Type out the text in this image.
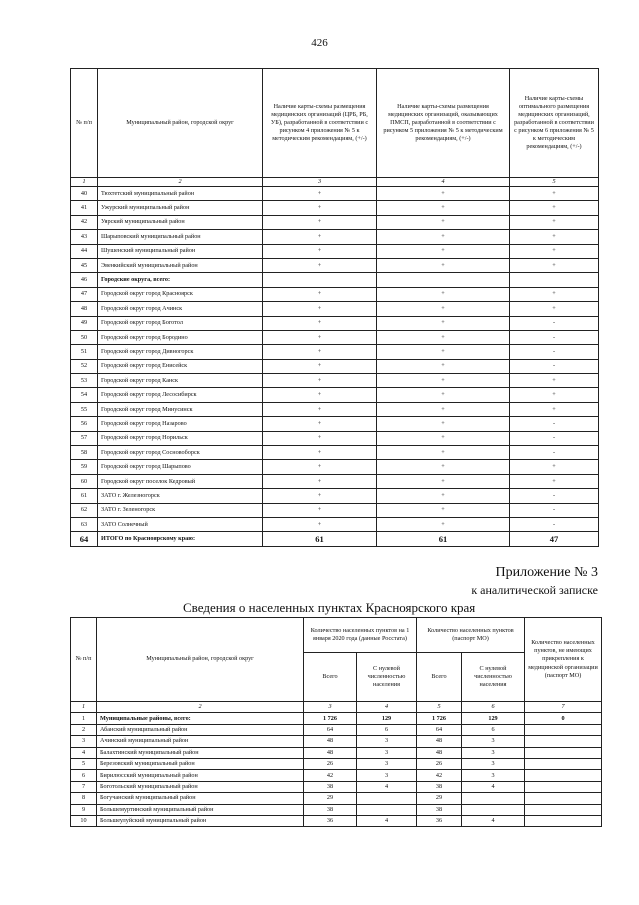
426
№ п/п	Муниципальный район, городской округ	Наличие карты-схемы размещения медицинских организаций (ЦРБ, РБ, УБ), разработанной в соответствии с рисунком 4 приложения № 5 к методическим рекомендациям, (+/-)	Наличие карты-схемы размещения медицинских организаций, оказывающих ПМСП, разработанной в соответствии с рисунком 5 приложения № 5 к методическим рекомендациям, (+/-)	Наличие карты-схемы оптимального размещения медицинских организаций, разработанной в соответствии с рисунком 6 приложения № 5 к методическим рекомендациям, (+/-)
1	2	3	4	5
40	Тюхтетский муниципальный район	+	+	+
41	Ужурский муниципальный район	+	+	+
42	Уярский муниципальный район	+	+	+
43	Шарыповский муниципальный район	+	+	+
44	Шушенский муниципальный район	+	+	+
45	Эвенкийский муниципальный район	+	+	+
46	Городские округа, всего:			
47	Городской округ город Красноярск	+	+	+
48	Городской округ город Ачинск	+	+	+
49	Городской округ город Боготол	+	+	-
50	Городской округ город Бородино	+	+	-
51	Городской округ город Дивногорск	+	+	-
52	Городской округ город Енисейск	+	+	-
53	Городской округ город Канск	+	+	+
54	Городской округ город Лесосибирск	+	+	+
55	Городской округ город Минусинск	+	+	+
56	Городской округ город Назарово	+	+	-
57	Городской округ город Норильск	+	+	-
58	Городской округ город Сосновоборск	+	+	-
59	Городской округ город Шарыпово	+	+	+
60	Городской округ поселок Кедровый	+	+	+
61	ЗАТО г. Железногорск	+	+	-
62	ЗАТО г. Зеленогорск	+	+	-
63	ЗАТО Солнечный	+	+	-
64	ИТОГО по Красноярскому краю:	61	61	47
Приложение № 3
к аналитической записке
Сведения о населенных пунктах Красноярского края
№ п/п	Муниципальный район, городской округ	Количество населенных пунктов на 1 января 2020 года (данные Росстата)		Количество населенных пунктов (паспорт МО)		Количество населенных пунктов, не имеющих прикрепления к медицинской организации (паспорт МО)
		Всего	С нулевой численностью населения	Всего	С нулевой численностью населения	
1	2	3	4	5	6	7
1	Муниципальные районы, всего:	1 726	129	1 726	129	0
2	Абанский муниципальный район	64	6	64	6	
3	Ачинский муниципальный район	48	3	48	3	
4	Балахтинский муниципальный район	48	3	48	3	
5	Березовский муниципальный район	26	3	26	3	
6	Бирилюсский муниципальный район	42	3	42	3	
7	Боготольский муниципальный район	38	4	38	4	
8	Богучанский муниципальный район	29		29		
9	Большемуртинский муниципальный район	38		38		
10	Большеулуйский муниципальный район	36	4	36	4	
